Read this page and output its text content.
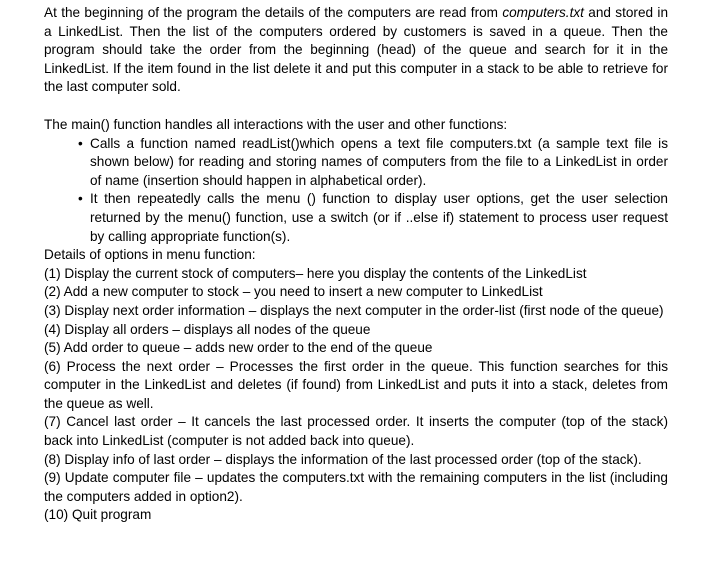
At the beginning of the program the details of the computers are read from computers.txt and stored in a LinkedList. Then the list of the computers ordered by customers is saved in a queue. Then the program should take the order from the beginning (head) of the queue and search for it in the LinkedList. If the item found in the list delete it and put this computer in a stack to be able to retrieve for the last computer sold.

The main() function handles all interactions with the user and other functions:

• Calls a function named readList()which opens a text file computers.txt (a sample text file is shown below) for reading and storing names of computers from the file to a LinkedList in order of name (insertion should happen in alphabetical order).
• It then repeatedly calls the menu () function to display user options, get the user selection returned by the menu() function, use a switch (or if ..else if) statement to process user request by calling appropriate function(s).

Details of options in menu function:

(1) Display the current stock of computers– here you display the contents of the LinkedList

(2) Add a new computer to stock – you need to insert a new computer to LinkedList

(3) Display next order information – displays the next computer in the order-list (first node of the queue)

(4) Display all orders – displays all nodes of the queue

(5) Add order to queue – adds new order to the end of the queue

(6) Process the next order – Processes the first order in the queue. This function searches for this computer in the LinkedList and deletes (if found) from LinkedList and puts it into a stack, deletes from the queue as well.

(7) Cancel last order – It cancels the last processed order. It inserts the computer (top of the stack) back into LinkedList (computer is not added back into queue).

(8) Display info of last order – displays the information of the last processed order (top of the stack).

(9) Update computer file – updates the computers.txt with the remaining computers in the list (including the computers added in option2).

(10) Quit program
